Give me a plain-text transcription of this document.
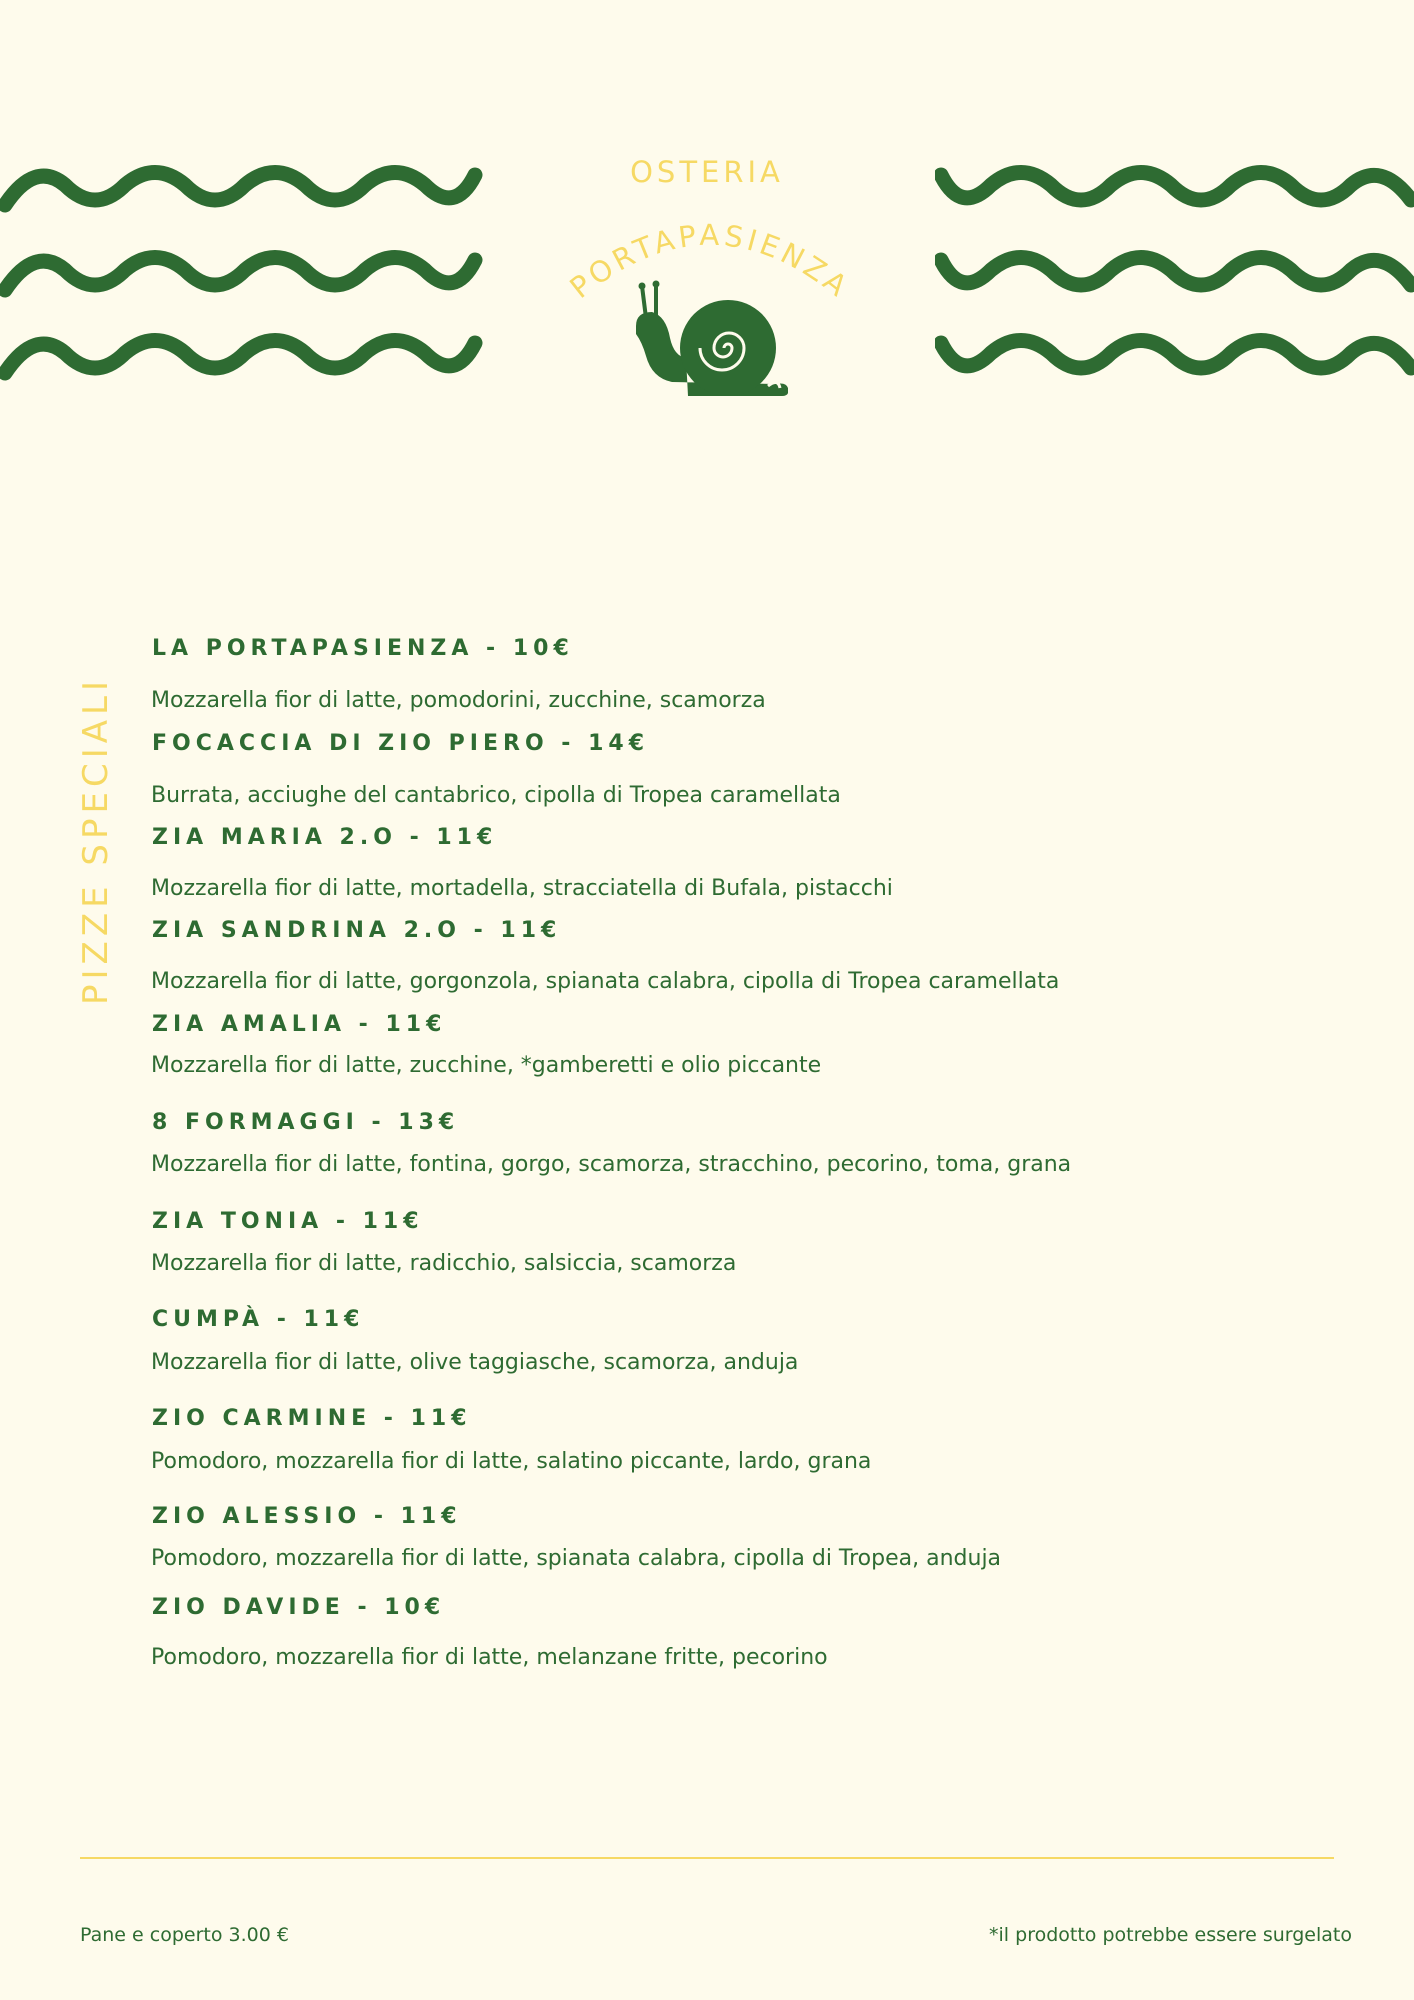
OSTERIA
PORTAPASIENZA
PIZZE SPECIALI
LA PORTAPASIENZA - 10€
Mozzarella fior di latte, pomodorini, zucchine, scamorza
FOCACCIA DI ZIO PIERO - 14€
Burrata, acciughe del cantabrico, cipolla di Tropea caramellata
ZIA MARIA 2.O - 11€
Mozzarella fior di latte, mortadella, stracciatella di Bufala, pistacchi
ZIA SANDRINA 2.O - 11€
Mozzarella fior di latte, gorgonzola, spianata calabra, cipolla di Tropea caramellata
ZIA AMALIA - 11€
Mozzarella fior di latte, zucchine, *gamberetti e olio piccante
8 FORMAGGI - 13€
Mozzarella fior di latte, fontina, gorgo, scamorza, stracchino, pecorino, toma, grana
ZIA TONIA - 11€
Mozzarella fior di latte, radicchio, salsiccia, scamorza
CUMPÀ - 11€
Mozzarella fior di latte, olive taggiasche, scamorza, anduja
ZIO CARMINE - 11€
Pomodoro, mozzarella fior di latte, salatino piccante, lardo, grana
ZIO ALESSIO - 11€
Pomodoro, mozzarella fior di latte, spianata calabra, cipolla di Tropea, anduja
ZIO DAVIDE - 10€
Pomodoro, mozzarella fior di latte, melanzane fritte, pecorino
Pane e coperto 3.00 €	*il prodotto potrebbe essere surgelato
